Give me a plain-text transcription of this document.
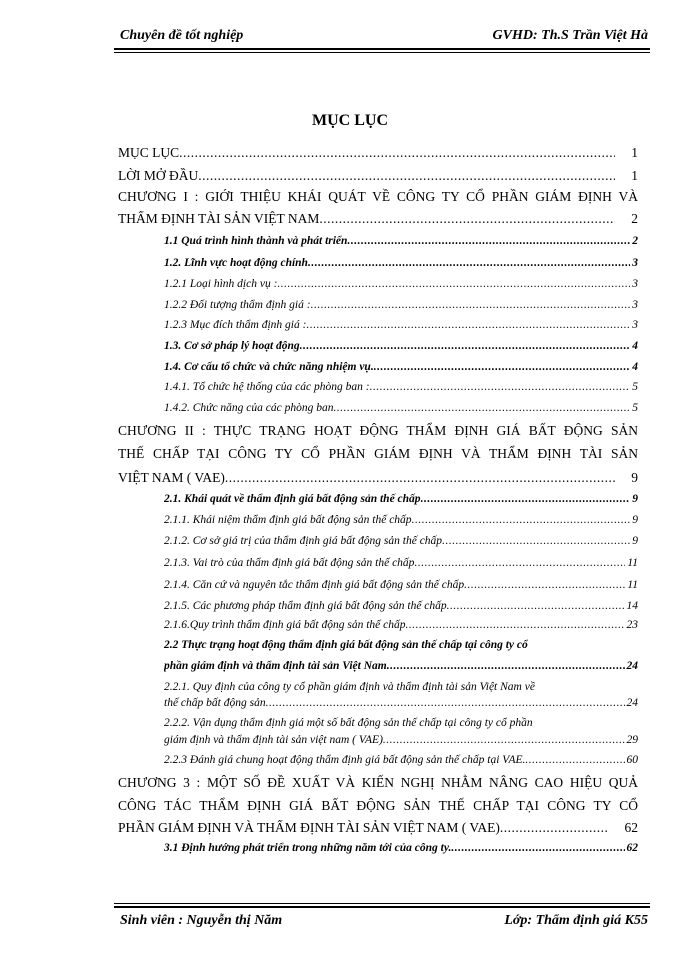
Chuyên đề tốt nghiệp	GVHD: Th.S Trần Việt Hà
MỤC LỤC
MỤC LỤC .....	1
LỜI MỞ ĐẦU .....	1
CHƯƠNG I : GIỚI THIỆU KHÁI QUÁT VỀ CÔNG TY CỔ PHẦN GIÁM ĐỊNH VÀ
THẨM ĐỊNH TÀI SẢN VIỆT NAM .....	2
1.1 Quá trình hình thành và phát triển .....	2
1.2. Lĩnh vực hoạt động chính .....	3
1.2.1 Loại hình dịch vụ : .....	3
1.2.2 Đối tượng thẩm định giá : .....	3
1.2.3 Mục đích thẩm định giá : .....	3
1.3. Cơ sở pháp lý hoạt động .....	4
1.4. Cơ cấu tổ chức và chức năng nhiệm vụ. .....	4
1.4.1. Tổ chức hệ thống của các phòng ban : .....	5
1.4.2. Chức năng của các phòng ban .....	5
CHƯƠNG II : THỰC TRẠNG HOẠT ĐỘNG THẨM ĐỊNH GIÁ BẤT ĐỘNG SẢN
THẾ CHẤP TẠI CÔNG TY CỔ PHẦN GIÁM ĐỊNH VÀ THẨM ĐỊNH TÀI SẢN
VIỆT NAM ( VAE) .....	9
2.1. Khái quát về thẩm định giá bất động sản thế chấp .....	9
2.1.1. Khái niệm thẩm định giá bất động sản thế chấp .....	9
2.1.2. Cơ sở giá trị của thẩm định giá bất động sản thế chấp .....	9
2.1.3. Vai trò của thẩm định giá bất động sản thế chấp .....	11
2.1.4. Căn cứ và nguyên tắc thẩm định giá bất động sản thế chấp .....	11
2.1.5. Các phương pháp thẩm định giá bất động sản thế chấp .....	14
2.1.6.Quy trình thẩm định giá bất động sản thế chấp .....	23
2.2 Thực trạng hoạt động thẩm định giá bất động sản thế chấp tại công ty cổ
phần giám định và thẩm định tài sản Việt Nam .....	24
2.2.1. Quy định của công ty cổ phần giám định và thẩm định tài sản Việt Nam về
thế chấp bất động sản .....	24
2.2.2. Vận dụng thẩm định giá một số bất động sản thế chấp tại công ty cổ phần
giám định và thẩm định tài sản việt nam ( VAE) .....	29
2.2.3 Đánh giá chung hoạt động thẩm định giá bất động sản thế chấp tại VAE. .....	60
CHƯƠNG 3 : MỘT SỐ ĐỀ XUẤT VÀ KIẾN NGHỊ NHẰM NÂNG CAO HIỆU QUẢ
CÔNG TÁC THẨM ĐỊNH GIÁ BẤT ĐỘNG SẢN THẾ CHẤP TẠI CÔNG TY CỔ
PHẦN GIÁM ĐỊNH VÀ THẨM ĐỊNH TÀI SẢN VIỆT NAM ( VAE) .....	62
3.1 Định hướng phát triển trong những năm tới của công ty. .....	62
Sinh viên : Nguyễn thị Năm	Lớp: Thẩm định giá K55
